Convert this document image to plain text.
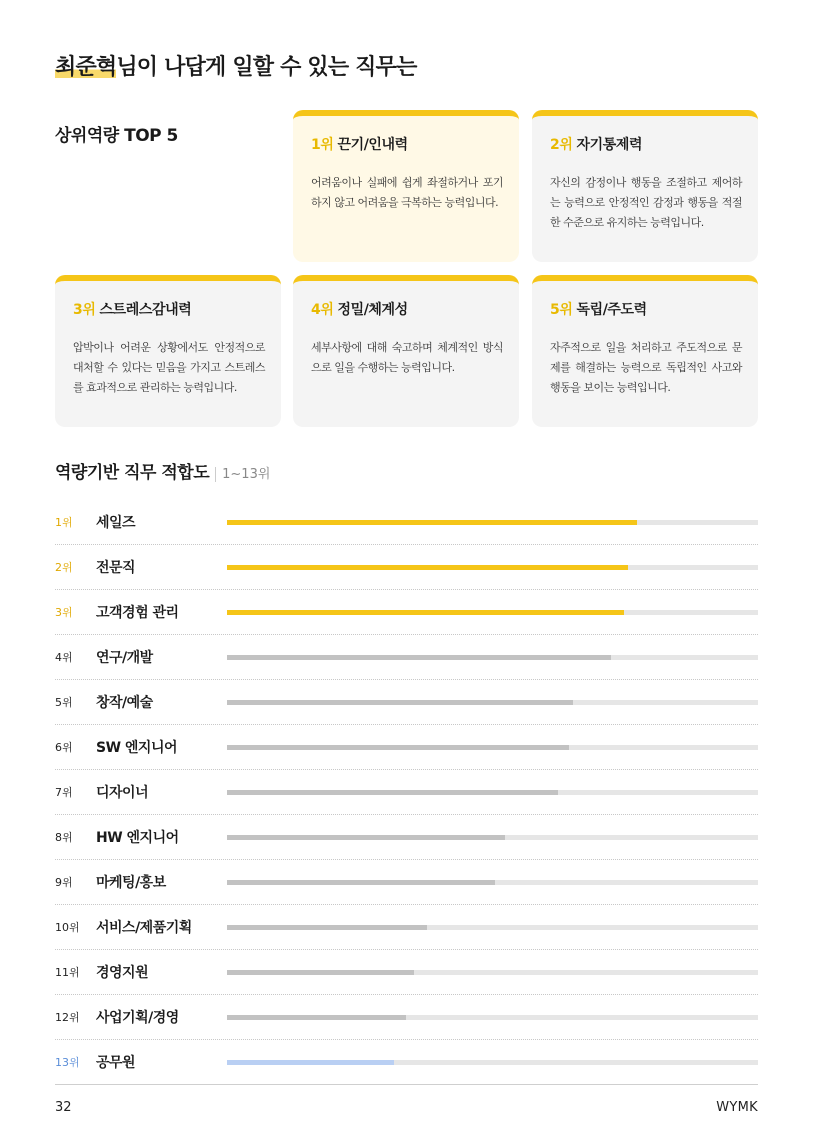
최준혁님이 나답게 일할 수 있는 직무는
상위역량 TOP 5	1위 끈기/인내력

어려움이나 실패에 쉽게 좌절하거나 포기하지 않고 어려움을 극복하는 능력입니다.

2위 자기통제력

자신의 감정이나 행동을 조절하고 제어하는 능력으로 안정적인 감정과 행동을 적절한 수준으로 유지하는 능력입니다.

3위 스트레스감내력

압박이나 어려운 상황에서도 안정적으로 대처할 수 있다는 믿음을 가지고 스트레스를 효과적으로 관리하는 능력입니다.

4위 정밀/체계성

세부사항에 대해 숙고하며 체계적인 방식으로 일을 수행하는 능력입니다.

5위 독립/주도력

자주적으로 일을 처리하고 주도적으로 문제를 해결하는 능력으로 독립적인 사고와 행동을 보이는 능력입니다.

역량기반 직무 적합도 1~13위
1위 세일즈
2위 전문직
3위 고객경험 관리
4위 연구/개발
5위 창작/예술
6위 SW 엔지니어
7위 디자이너
8위 HW 엔지니어
9위 마케팅/홍보
10위 서비스/제품기획
11위 경영지원
12위 사업기획/경영
13위 공무원
32	WYMK
